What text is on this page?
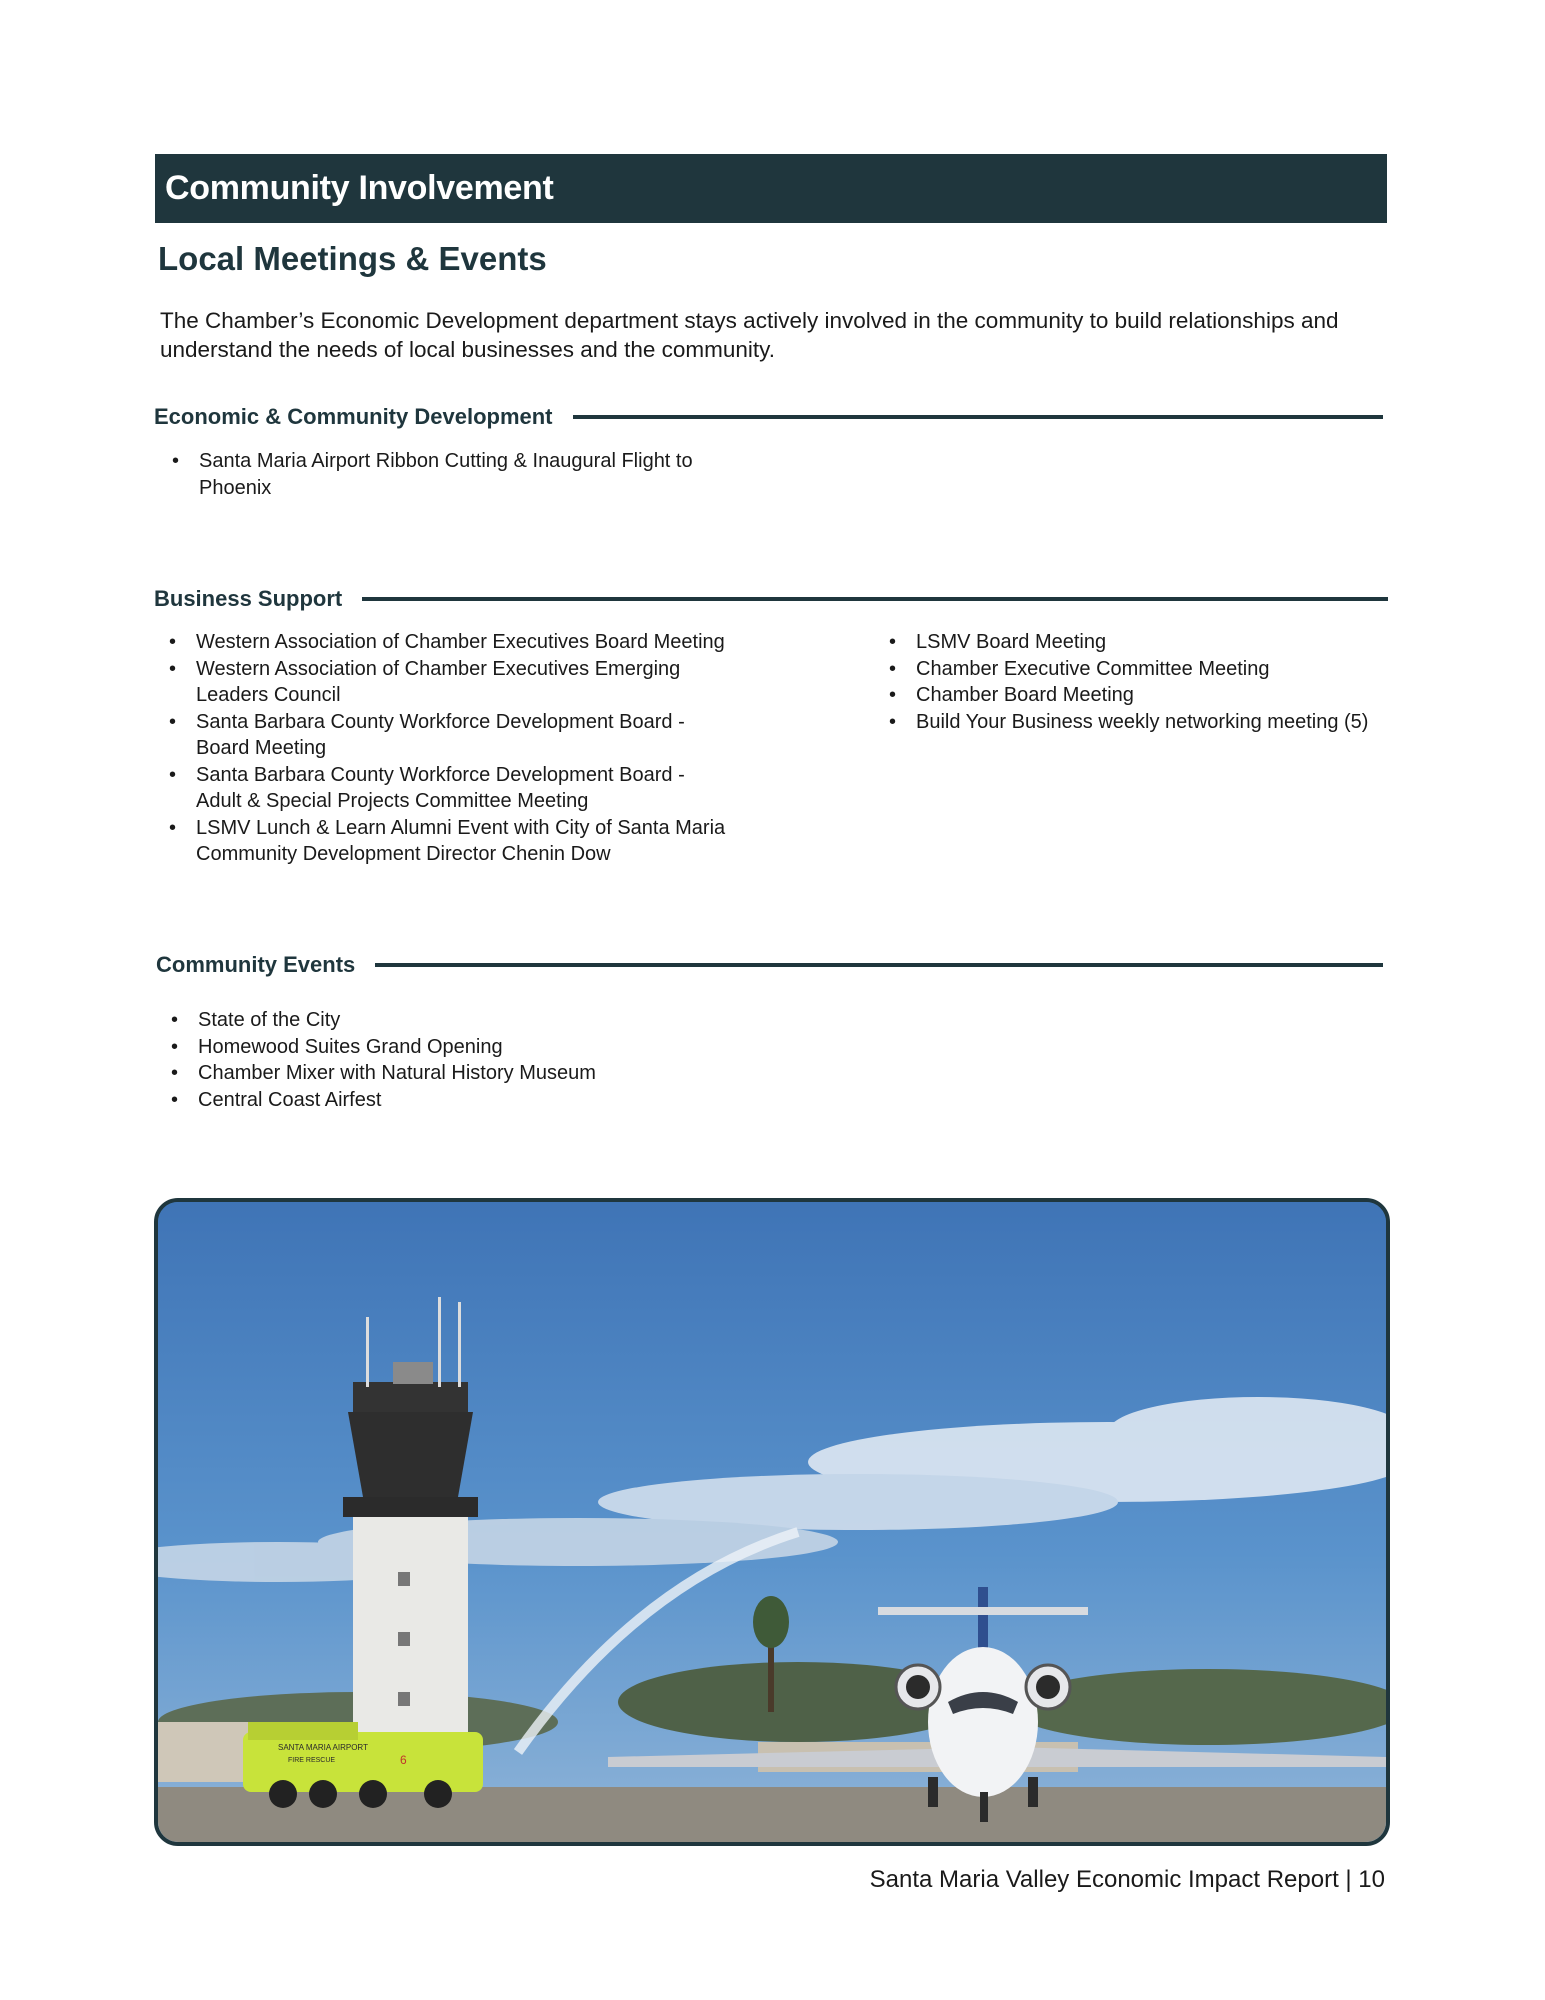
Community Involvement
Local Meetings & Events

The Chamber’s Economic Development department stays actively involved in the community to build relationships and understand the needs of local businesses and the community.

Economic & Community Development
• Santa Maria Airport Ribbon Cutting & Inaugural Flight to Phoenix
Business Support
• Western Association of Chamber Executives Board Meeting
• Western Association of Chamber Executives Emerging Leaders Council
• Santa Barbara County Workforce Development Board - Board Meeting
• Santa Barbara County Workforce Development Board - Adult & Special Projects Committee Meeting
• LSMV Lunch & Learn Alumni Event with City of Santa Maria Community Development Director Chenin Dow
• LSMV Board Meeting
• Chamber Executive Committee Meeting
• Chamber Board Meeting
• Build Your Business weekly networking meeting (5)
Community Events
• State of the City
• Homewood Suites Grand Opening
• Chamber Mixer with Natural History Museum
• Central Coast Airfest
SANTA MARIA AIRPORT
FIRE RESCUE	6
Santa Maria Valley Economic Impact Report | 10
